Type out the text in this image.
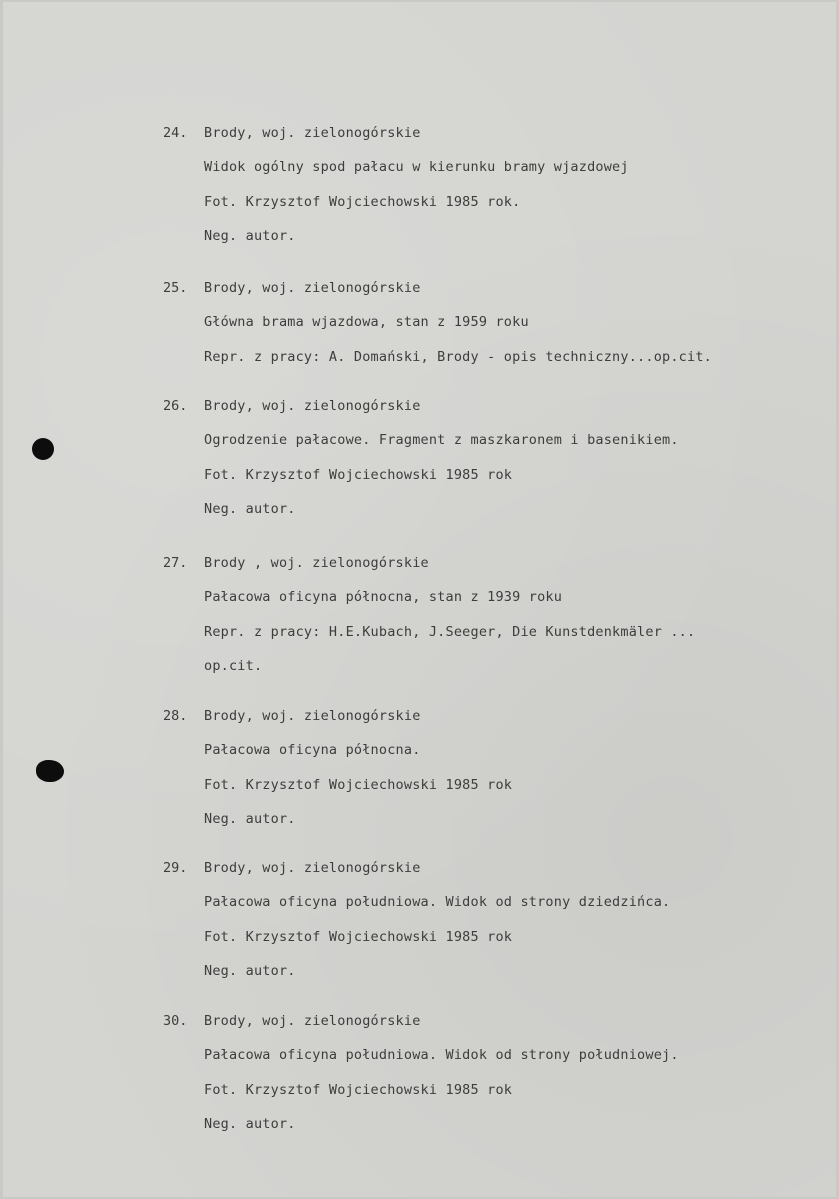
24.	Brody, woj. zielonogórskie
Widok ogólny spod pałacu w kierunku bramy wjazdowej
Fot. Krzysztof Wojciechowski 1985 rok.
Neg. autor.
25.	Brody, woj. zielonogórskie
Główna brama wjazdowa, stan z 1959 roku
Repr. z pracy: A. Domański, Brody - opis techniczny...op.cit.
26.	Brody, woj. zielonogórskie
Ogrodzenie pałacowe. Fragment z maszkaronem i basenikiem.
Fot. Krzysztof Wojciechowski 1985 rok
Neg. autor.
27.	Brody , woj. zielonogórskie
Pałacowa oficyna północna, stan z 1939 roku
Repr. z pracy: H.E.Kubach, J.Seeger, Die Kunstdenkmäler ...
op.cit.
28.	Brody, woj. zielonogórskie
Pałacowa oficyna północna.
Fot. Krzysztof Wojciechowski 1985 rok
Neg. autor.
29.	Brody, woj. zielonogórskie
Pałacowa oficyna południowa. Widok od strony dziedzińca.
Fot. Krzysztof Wojciechowski 1985 rok
Neg. autor.
30.	Brody, woj. zielonogórskie
Pałacowa oficyna południowa. Widok od strony południowej.
Fot. Krzysztof Wojciechowski 1985 rok
Neg. autor.
